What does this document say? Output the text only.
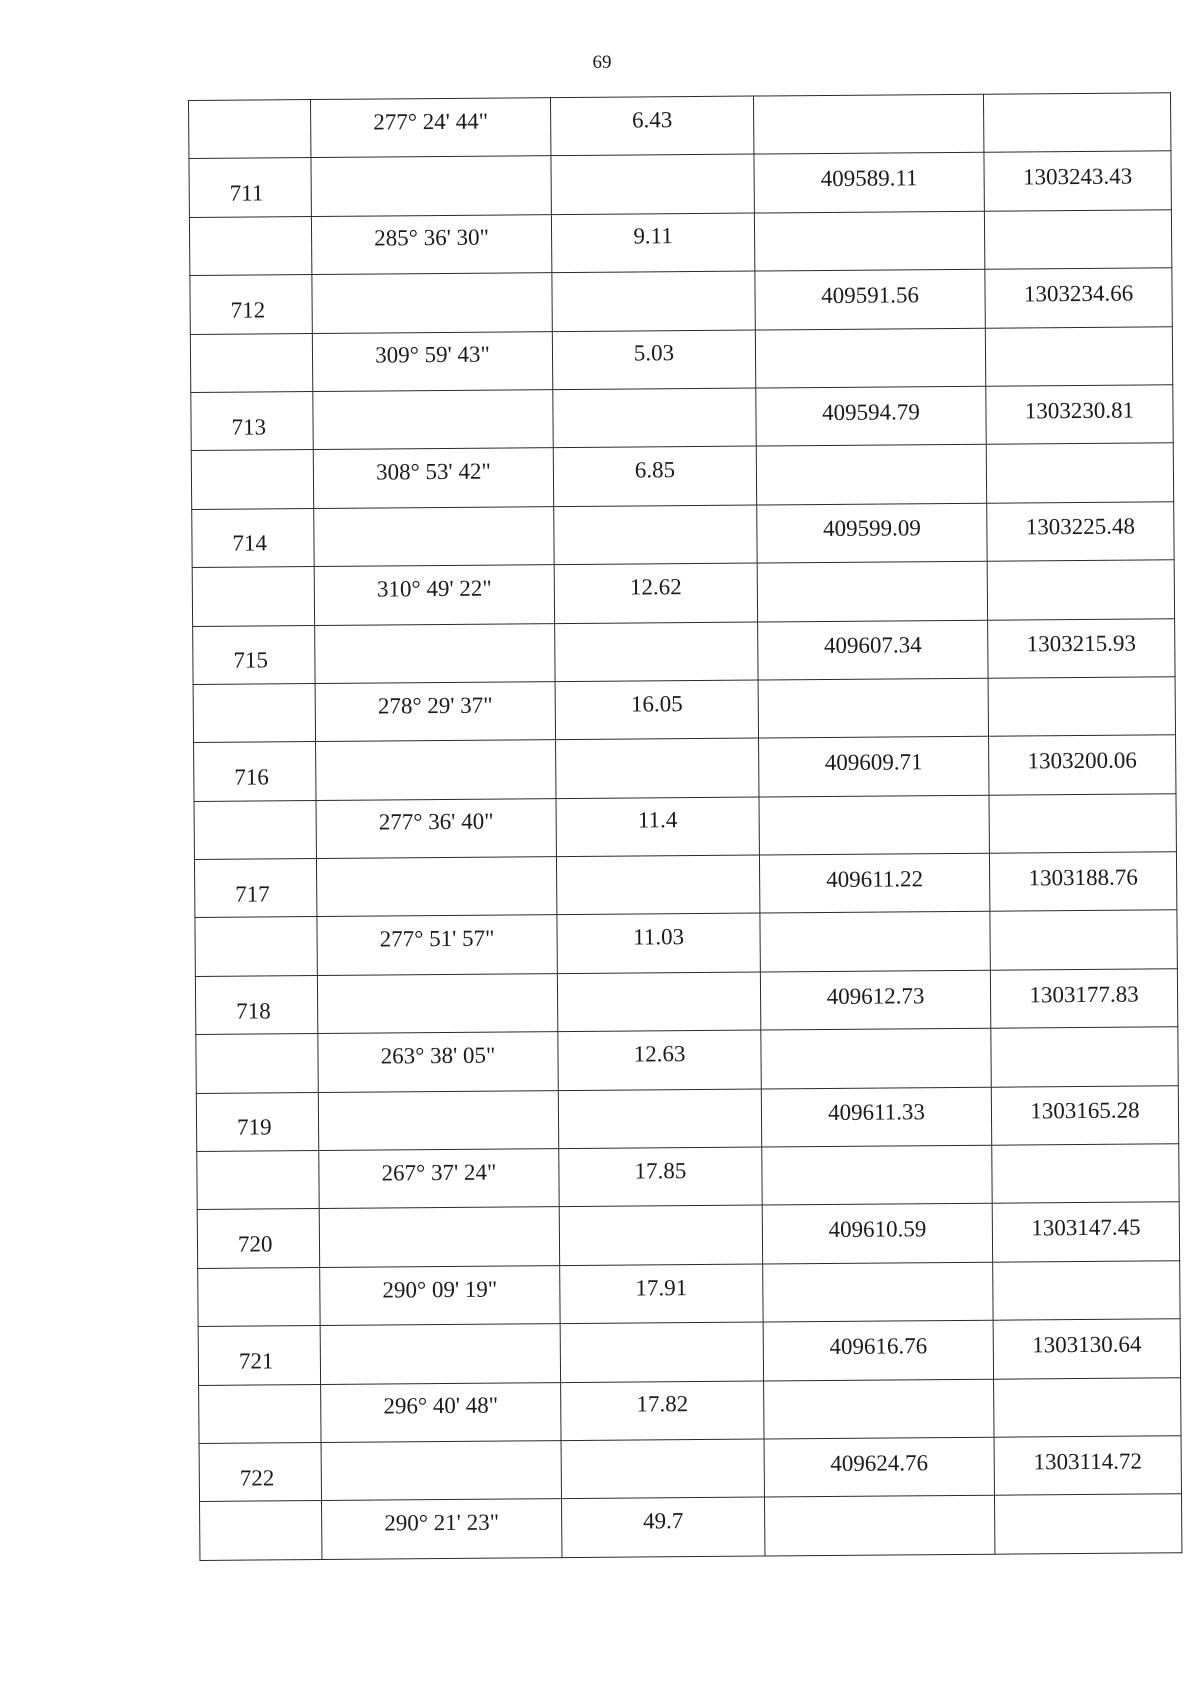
69
	277° 24' 44"	6.43		
711			409589.11	1303243.43
	285° 36' 30"	9.11		
712			409591.56	1303234.66
	309° 59' 43"	5.03		
713			409594.79	1303230.81
	308° 53' 42"	6.85		
714			409599.09	1303225.48
	310° 49' 22"	12.62		
715			409607.34	1303215.93
	278° 29' 37"	16.05		
716			409609.71	1303200.06
	277° 36' 40"	11.4		
717			409611.22	1303188.76
	277° 51' 57"	11.03		
718			409612.73	1303177.83
	263° 38' 05"	12.63		
719			409611.33	1303165.28
	267° 37' 24"	17.85		
720			409610.59	1303147.45
	290° 09' 19"	17.91		
721			409616.76	1303130.64
	296° 40' 48"	17.82		
722			409624.76	1303114.72
	290° 21' 23"	49.7		
